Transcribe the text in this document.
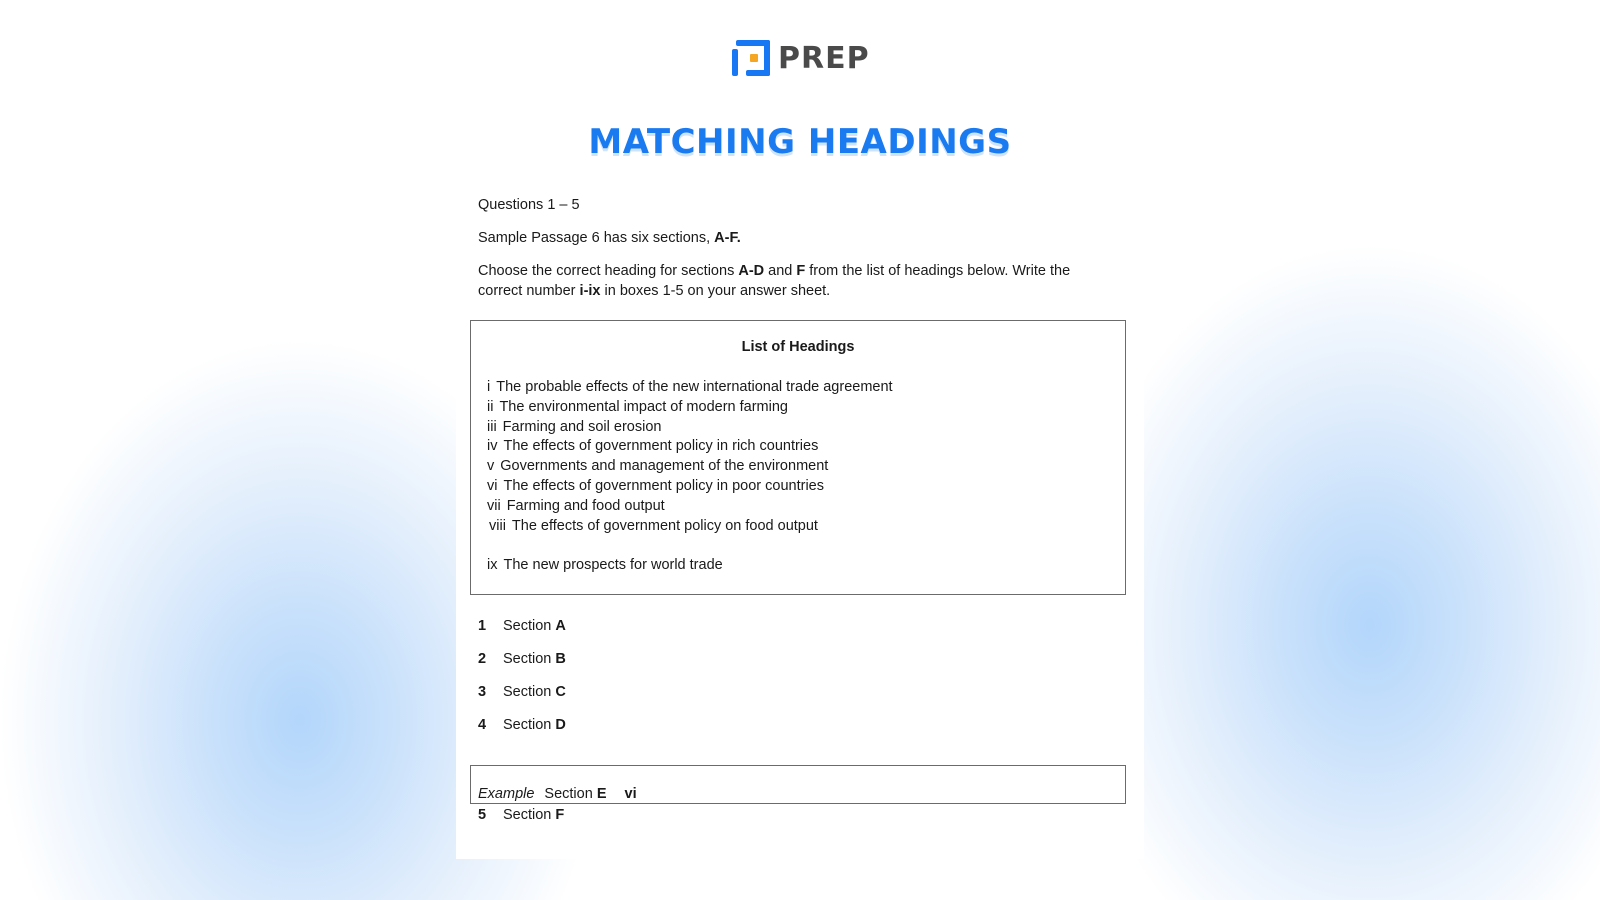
PREP
MATCHING HEADINGS
Questions 1 – 5
Sample Passage 6 has six sections, A-F.
Choose the correct heading for sections A-D and F from the list of headings below. Write the
correct number i-ix in boxes 1-5 on your answer sheet.
List of Headings
i The probable effects of the new international trade agreement
ii The environmental impact of modern farming
iii Farming and soil erosion
iv The effects of government policy in rich countries
v Governments and management of the environment
vi The effects of government policy in poor countries
vii Farming and food output
viii The effects of government policy on food output
ix The new prospects for world trade
1 Section A
2 Section B
3 Section C
4 Section D
Example Section E vi
5 Section F
